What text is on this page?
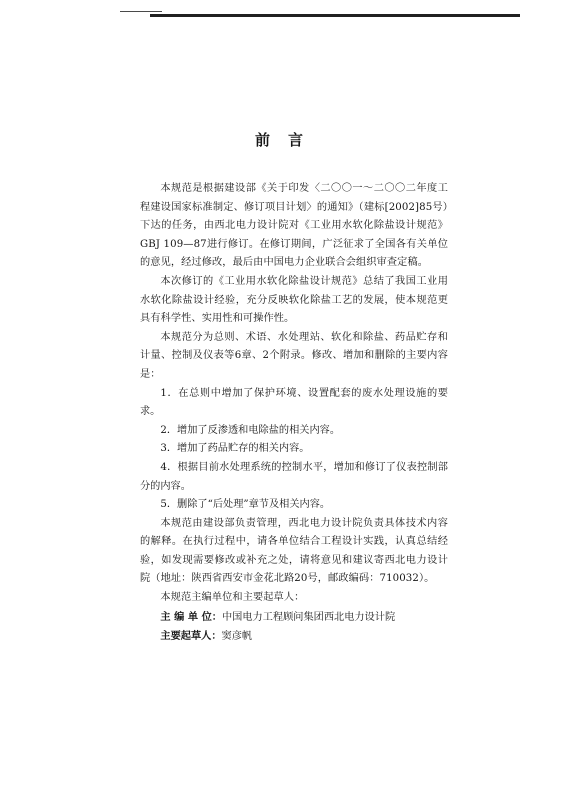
前言

本规范是根据建设部《关于印发〈二〇〇一～二〇〇二年度工程建设国家标准制定、修订项目计划〉的通知》（建标[2002]85号）下达的任务，由西北电力设计院对《工业用水软化除盐设计规范》GBJ 109—87进行修订。在修订期间，广泛征求了全国各有关单位的意见，经过修改，最后由中国电力企业联合会组织审查定稿。

本次修订的《工业用水软化除盐设计规范》总结了我国工业用水软化除盐设计经验，充分反映软化除盐工艺的发展，使本规范更具有科学性、实用性和可操作性。

本规范分为总则、术语、水处理站、软化和除盐、药品贮存和计量、控制及仪表等6章、2个附录。修改、增加和删除的主要内容是：

1．在总则中增加了保护环境、设置配套的废水处理设施的要求。

2．增加了反渗透和电除盐的相关内容。

3．增加了药品贮存的相关内容。

4．根据目前水处理系统的控制水平，增加和修订了仪表控制部分的内容。

5．删除了“后处理”章节及相关内容。

本规范由建设部负责管理，西北电力设计院负责具体技术内容的解释。在执行过程中，请各单位结合工程设计实践，认真总结经验，如发现需要修改或补充之处，请将意见和建议寄西北电力设计院（地址：陕西省西安市金花北路20号，邮政编码：710032）。

本规范主编单位和主要起草人：

主 编 单 位：中国电力工程顾问集团西北电力设计院
主要起草人：窦彦帆
